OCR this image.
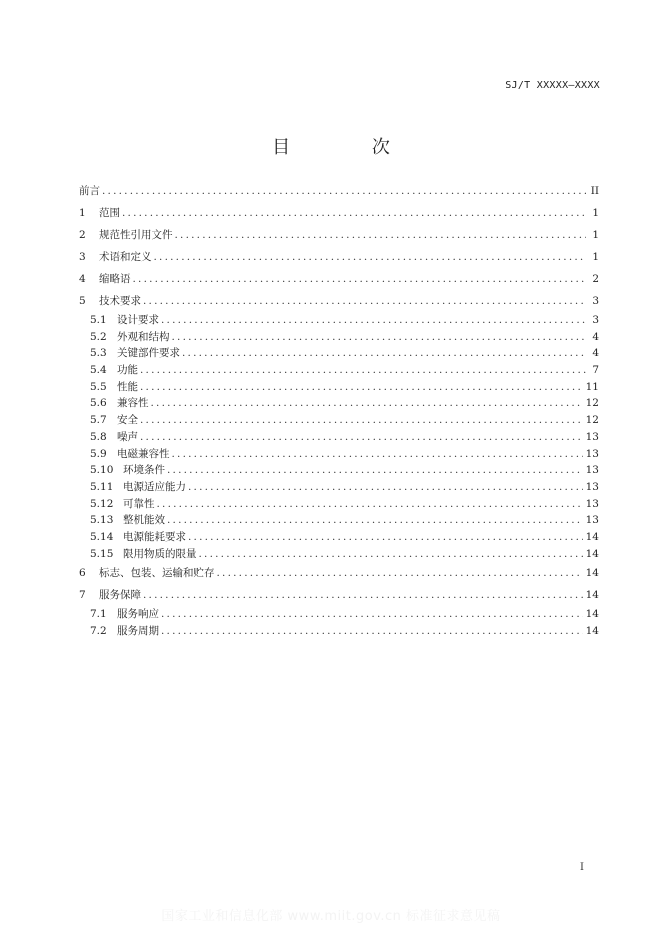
SJ/T XXXXX—XXXX
目 次
前言 .....	II
1	范围 .....	1
2	规范性引用文件 .....	1
3	术语和定义 .....	1
4	缩略语 .....	2
5	技术要求 .....	3
5.1 设计要求 .....	3
5.2 外观和结构 .....	4
5.3 关键部件要求 .....	4
5.4 功能 .....	7
5.5 性能 .....	11
5.6 兼容性 .....	12
5.7 安全 .....	12
5.8 噪声 .....	13
5.9 电磁兼容性 .....	13
5.10 环境条件 .....	13
5.11 电源适应能力 .....	13
5.12 可靠性 .....	13
5.13 整机能效 .....	13
5.14 电源能耗要求 .....	14
5.15 限用物质的限量 .....	14
6	标志、包装、运输和贮存 .....	14
7	服务保障 .....	14
7.1 服务响应 .....	14
7.2 服务周期 .....	14
I
国家工业和信息化部 www.miit.gov.cn 标准征求意见稿
